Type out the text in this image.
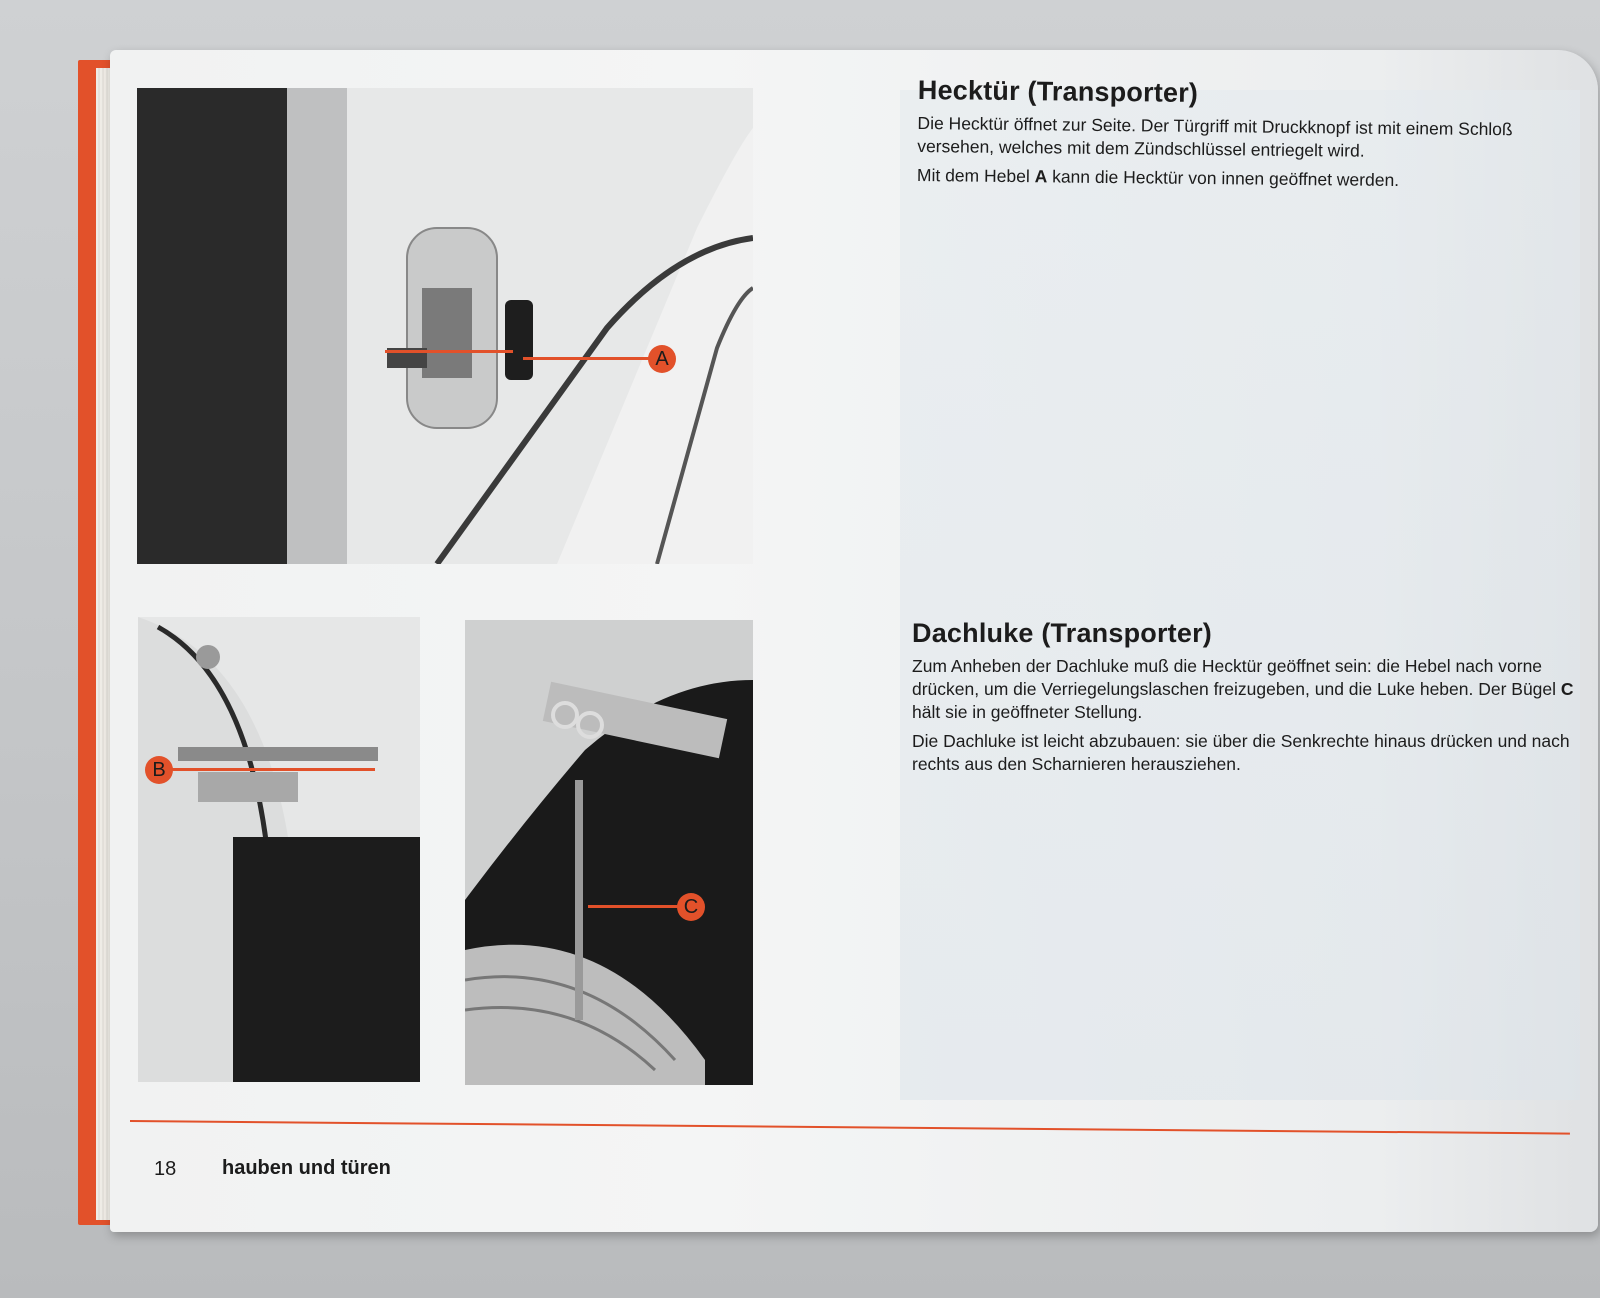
A
B
C
Hecktür (Transporter)

Die Hecktür öffnet zur Seite. Der Türgriff mit Druckknopf ist mit einem Schloß versehen, welches mit dem Zündschlüssel entriegelt wird.

Mit dem Hebel A kann die Hecktür von innen geöffnet werden.

Dachluke (Transporter)

Zum Anheben der Dachluke muß die Hecktür geöffnet sein: die Hebel nach vorne drücken, um die Verriegelungslaschen freizugeben, und die Luke heben. Der Bügel C hält sie in geöffneter Stellung.

Die Dachluke ist leicht abzubauen: sie über die Senkrechte hinaus drücken und nach rechts aus den Scharnieren herausziehen.

18 hauben und türen
